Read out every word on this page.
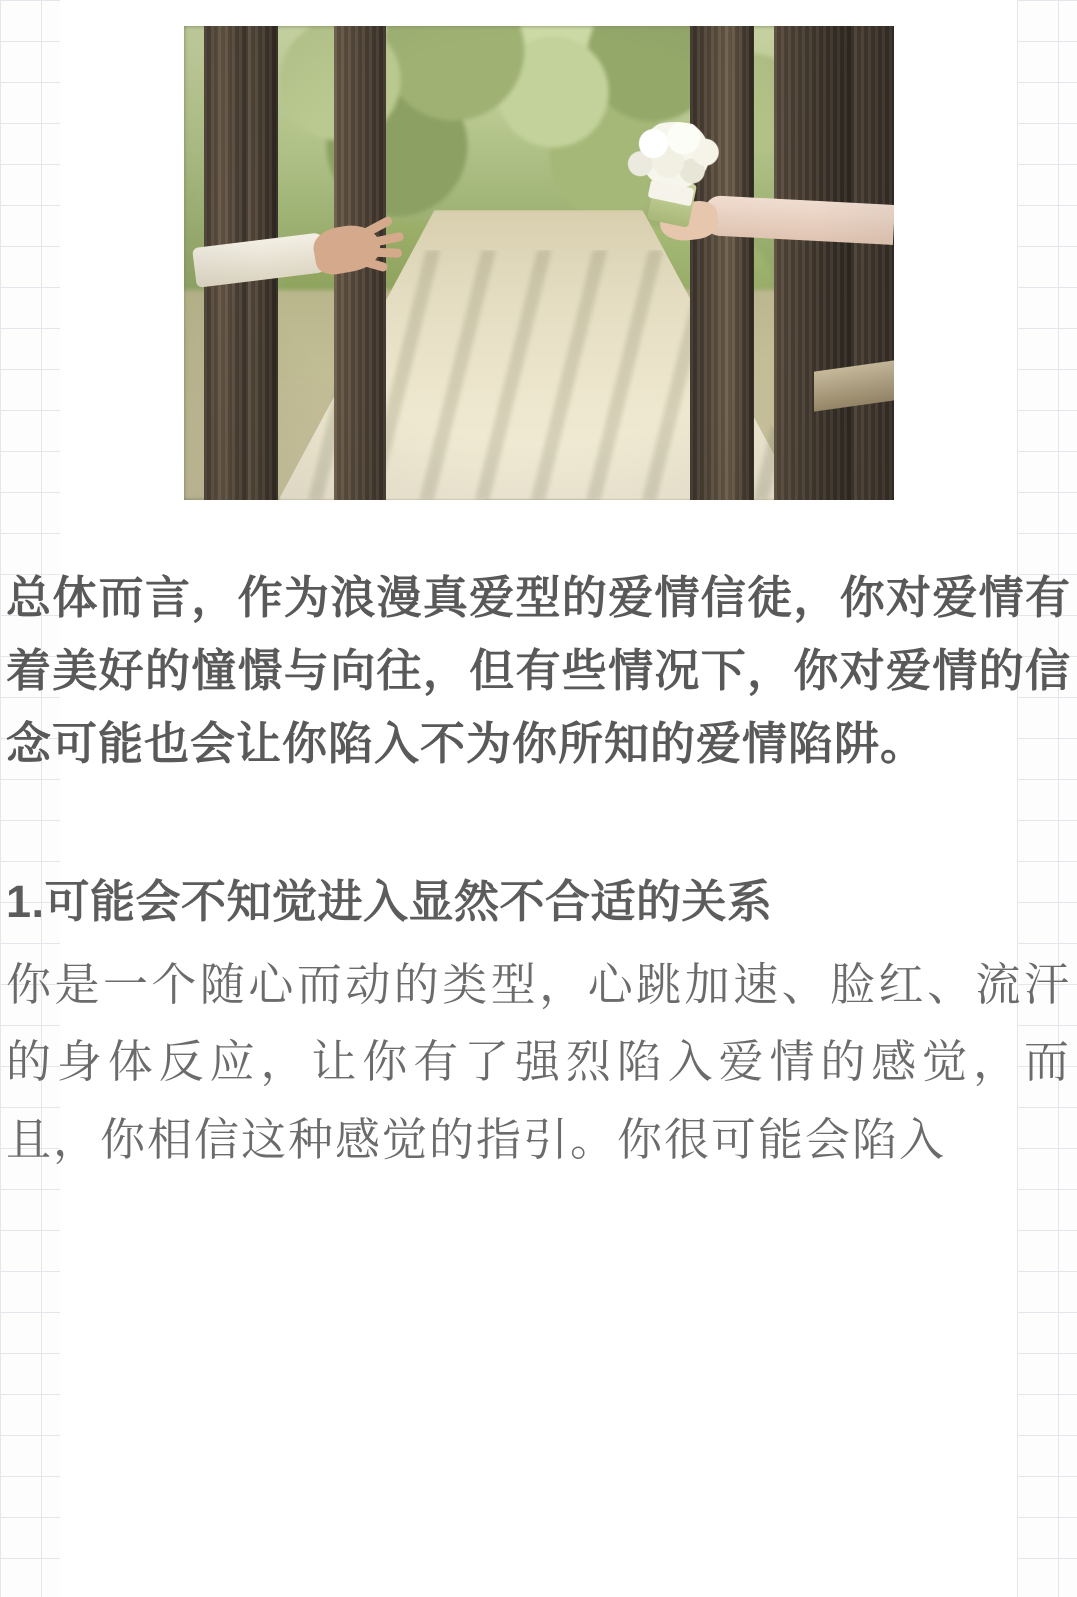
总体而言，作为浪漫真爱型的爱情信徒，你对爱情有着美好的憧憬与向往，但有些情况下，你对爱情的信念可能也会让你陷入不为你所知的爱情陷阱。

1.可能会不知觉进入显然不合适的关系

你是一个随心而动的类型，心跳加速、脸红、流汗的身体反应，让你有了强烈陷入爱情的感觉，而且，你相信这种感觉的指引。你很可能会陷入
